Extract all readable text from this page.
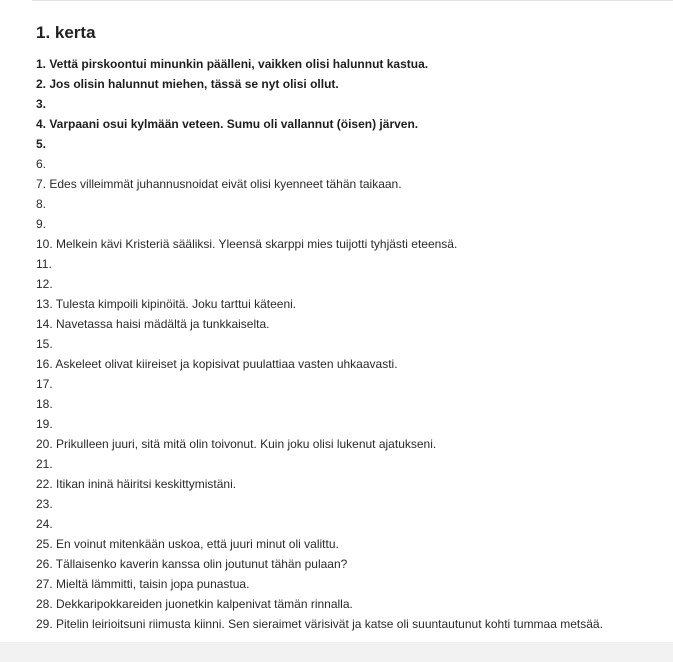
1. kerta
1. Vettä pirskoontui minunkin päälleni, vaikken olisi halunnut kastua.
2. Jos olisin halunnut miehen, tässä se nyt olisi ollut.
3.
4. Varpaani osui kylmään veteen. Sumu oli vallannut (öisen) järven.
5.
6.
7. Edes villeimmät juhannusnoidat eivät olisi kyenneet tähän taikaan.
8.
9.
10. Melkein kävi Kristeriä sääliksi. Yleensä skarppi mies tuijotti tyhjästi eteensä.
11.
12.
13. Tulesta kimpoili kipinöitä. Joku tarttui käteeni.
14. Navetassa haisi mädältä ja tunkkaiselta.
15.
16. Askeleet olivat kiireiset ja kopisivat puulattiaa vasten uhkaavasti.
17.
18.
19.
20. Prikulleen juuri, sitä mitä olin toivonut. Kuin joku olisi lukenut ajatukseni.
21.
22. Itikan ininä häiritsi keskittymistäni.
23.
24.
25. En voinut mitenkään uskoa, että juuri minut oli valittu.
26. Tällaisenko kaverin kanssa olin joutunut tähän pulaan?
27. Mieltä lämmitti, taisin jopa punastua.
28. Dekkaripokkareiden juonetkin kalpenivat tämän rinnalla.
29. Pitelin leirioitsuni riimusta kiinni. Sen sieraimet värisivät ja katse oli suuntautunut kohti tummaa metsää.
